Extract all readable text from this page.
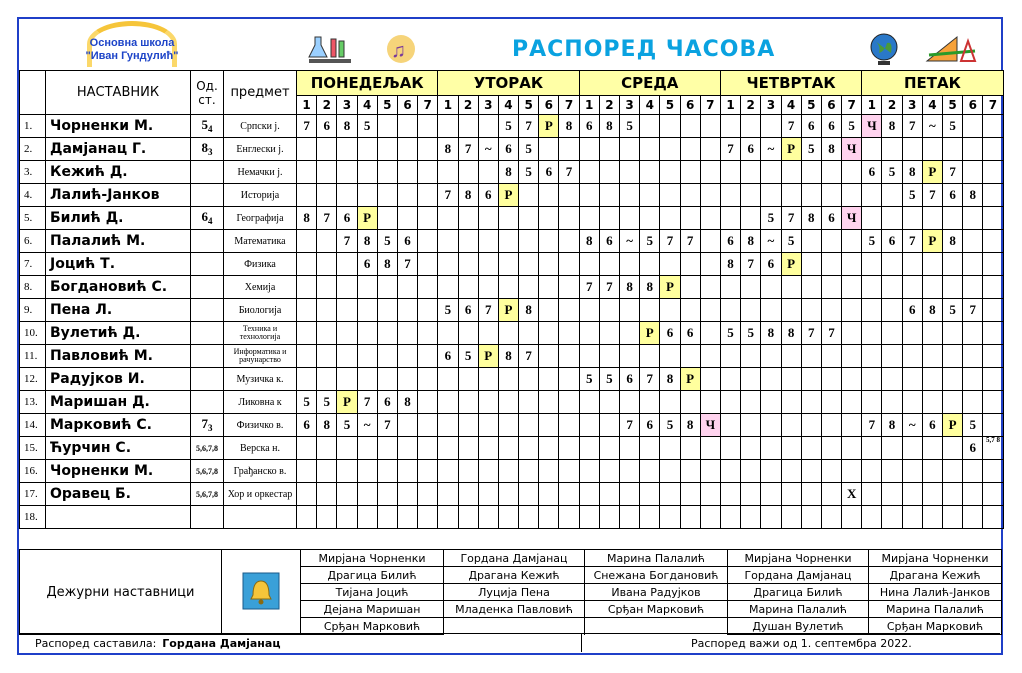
Основна школа
"Иван Гундулић"	♫	РАСПОРЕД ЧАСОВА
	НАСТАВНИК	Од.
ст.	предмет	ПОНЕДЕЉАК							УТОРАК							СРЕДА							ЧЕТВРТАК							ПЕТАК						
				1	2	3	4	5	6	7	1	2	3	4	5	6	7	1	2	3	4	5	6	7	1	2	3	4	5	6	7	1	2	3	4	5	6	7
1.	Чорненки М.	$5_4$	Српски ј.	7	6	8	5							5	7	Р	8	6	8	5								7	6	6	5	Ч	8	7	~	5		
2.	Дамјанац Г.	$8_3$	Енглески ј.								8	7	~	6	5										7	6	~	Р	5	8	Ч							
3.	Кежић Д.		Немачки ј.											8	5	6	7															6	5	8	Р	7		
4.	Лалић-Јанков		Историја								7	8	6	Р																				5	7	6	8	
5.	Билић Д.	$6_4$	Географија	8	7	6	Р																				5	7	8	6	Ч							
6.	Палалић М.		Математика			7	8	5	6									8	6	~	5	7	7		6	8	~	5				5	6	7	Р	8		
7.	Јоцић Т.		Физика				6	8	7																8	7	6	Р										
8.	Богдановић С.		Хемија															7	7	8	8	Р																
9.	Пена Л.		Биологија								5	6	7	Р	8																			6	8	5	7	
10.	Вулетић Д.		Техника и технологија																		Р	6	6		5	5	8	8	7	7								
11.	Павловић М.		Информатика и рачунарство								6	5	Р	8	7																							
12.	Радујков И.		Музичка к.															5	5	6	7	8	Р															
13.	Маришан Д.		Ликовна к	5	5	Р	7	6	8																													
14.	Марковић С.	$7_3$	Физичко в.	6	8	5	~	7												7	6	5	8	Ч								7	8	~	6	Р	5	
15.	Ћурчин С.	5,6,7,8	Верска н.																																		6	5,7 8
16.	Чорненки М.	5,6,7,8	Грађанско в.																																			
17.	Оравец Б.	5,6,7,8	Хор и оркестар																												X							
18.																																						
Дежурни наставници		Мирјана Чорненки	Гордана Дамјанац	Марина Палалић	Мирјана Чорненки	Мирјана Чорненки
		Драгица Билић	Драгана Кежић	Снежана Богдановић	Гордана Дамјанац	Драгана Кежић
		Тијана Јоцић	Луција Пена	Ивана Радујков	Драгица Билић	Нина Лалић-Јанков
		Дејана Маришан	Младенка Павловић	Срђан Марковић	Марина Палалић	Марина Палалић
		Срђан Марковић			Душан Вулетић	Срђан Марковић
Распоред саставила: Гордана Дамјанац	Распоред важи од 1. септембра 2022.
